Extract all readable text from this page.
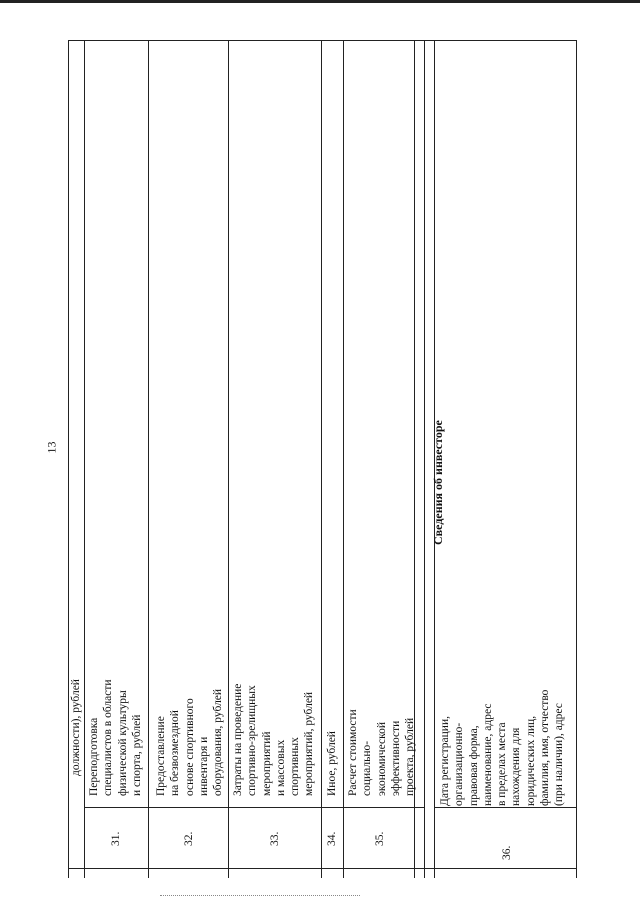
13
должности), рублей
31.
Переподготовка специалистов в области физической культуры и спорта, рублей
32.
Предоставление на безвозмездной основе спортивного инвентаря и оборудования, рублей
33.
Затраты на проведение спортивно-зрелищных мероприятий и массовых спортивных мероприятий, рублей
34.
Иное, рублей
35.
Расчет стоимости социально- экономической эффективности проекта, рублей
Сведения об инвесторе
36.
Дата регистрации, организационно- правовая форма, наименование, адрес в пределах места нахождения для юридических лиц, фамилия, имя, отчество (при наличии), адрес
